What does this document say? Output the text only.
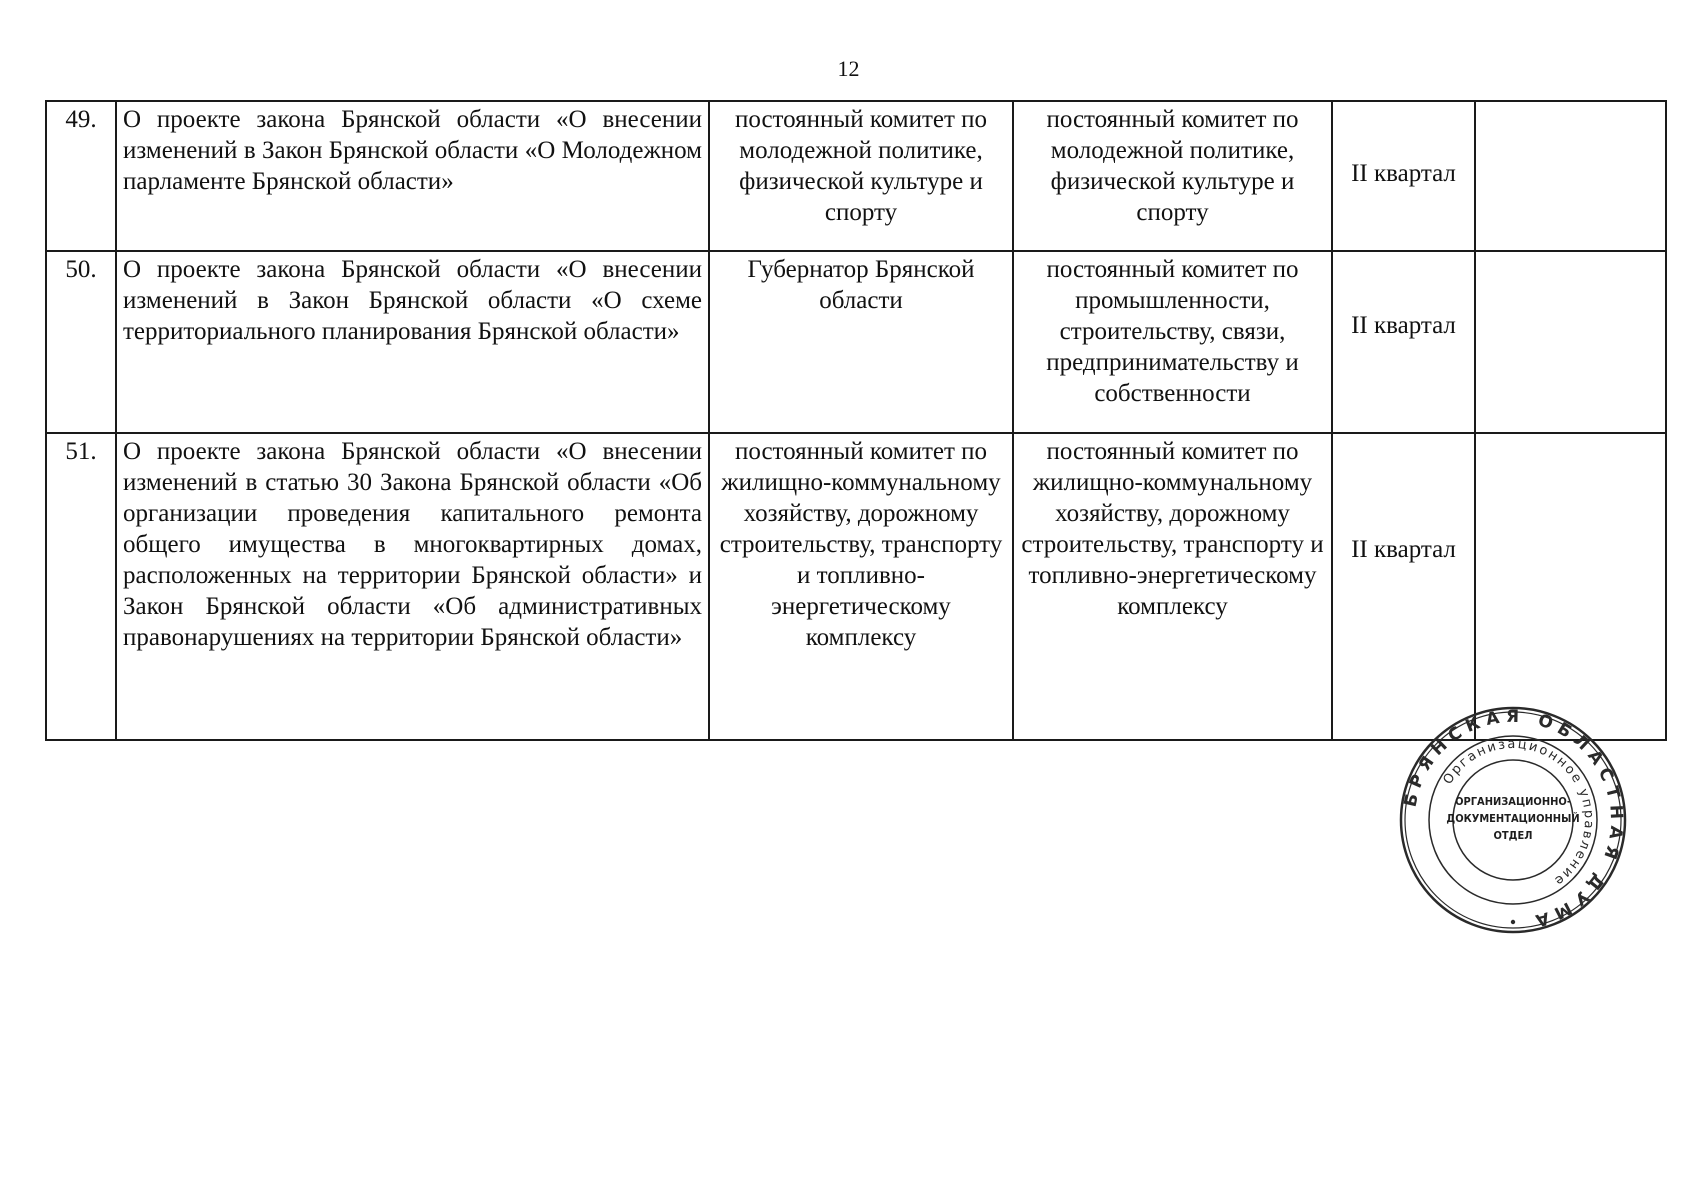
12
49.	О проекте закона Брянской области «О внесении изменений в Закон Брянской области «О Молодежном парламенте Брянской области»	постоянный комитет по молодежной политике, физической культуре и спорту	постоянный комитет по молодежной политике, физической культуре и спорту	II квартал	
50.	О проекте закона Брянской области «О внесении изменений в Закон Брянской области «О схеме территориального планирования Брянской области»	Губернатор Брянской области	постоянный комитет по промышленности, строительству, связи, предпринимательству и собственности	II квартал	
51.	О проекте закона Брянской области «О внесении изменений в статью 30 Закона Брянской области «Об организации проведения капитального ремонта общего имущества в многоквартирных домах, расположенных на территории Брянской области» и Закон Брянской области «Об административных правонарушениях на территории Брянской области»	постоянный комитет по жилищно-коммунальному хозяйству, дорожному строительству, транспорту и топливно-энергетическому комплексу	постоянный комитет по жилищно-коммунальному хозяйству, дорожному строительству, транспорту и топливно-энергетическому комплексу	II квартал	
БРЯНСКАЯ ОБЛАСТНАЯ ДУМА
Организационное управление
ОРГАНИЗАЦИОННО-
ДОКУМЕНТАЦИОННЫЙ
ОТДЕЛ
